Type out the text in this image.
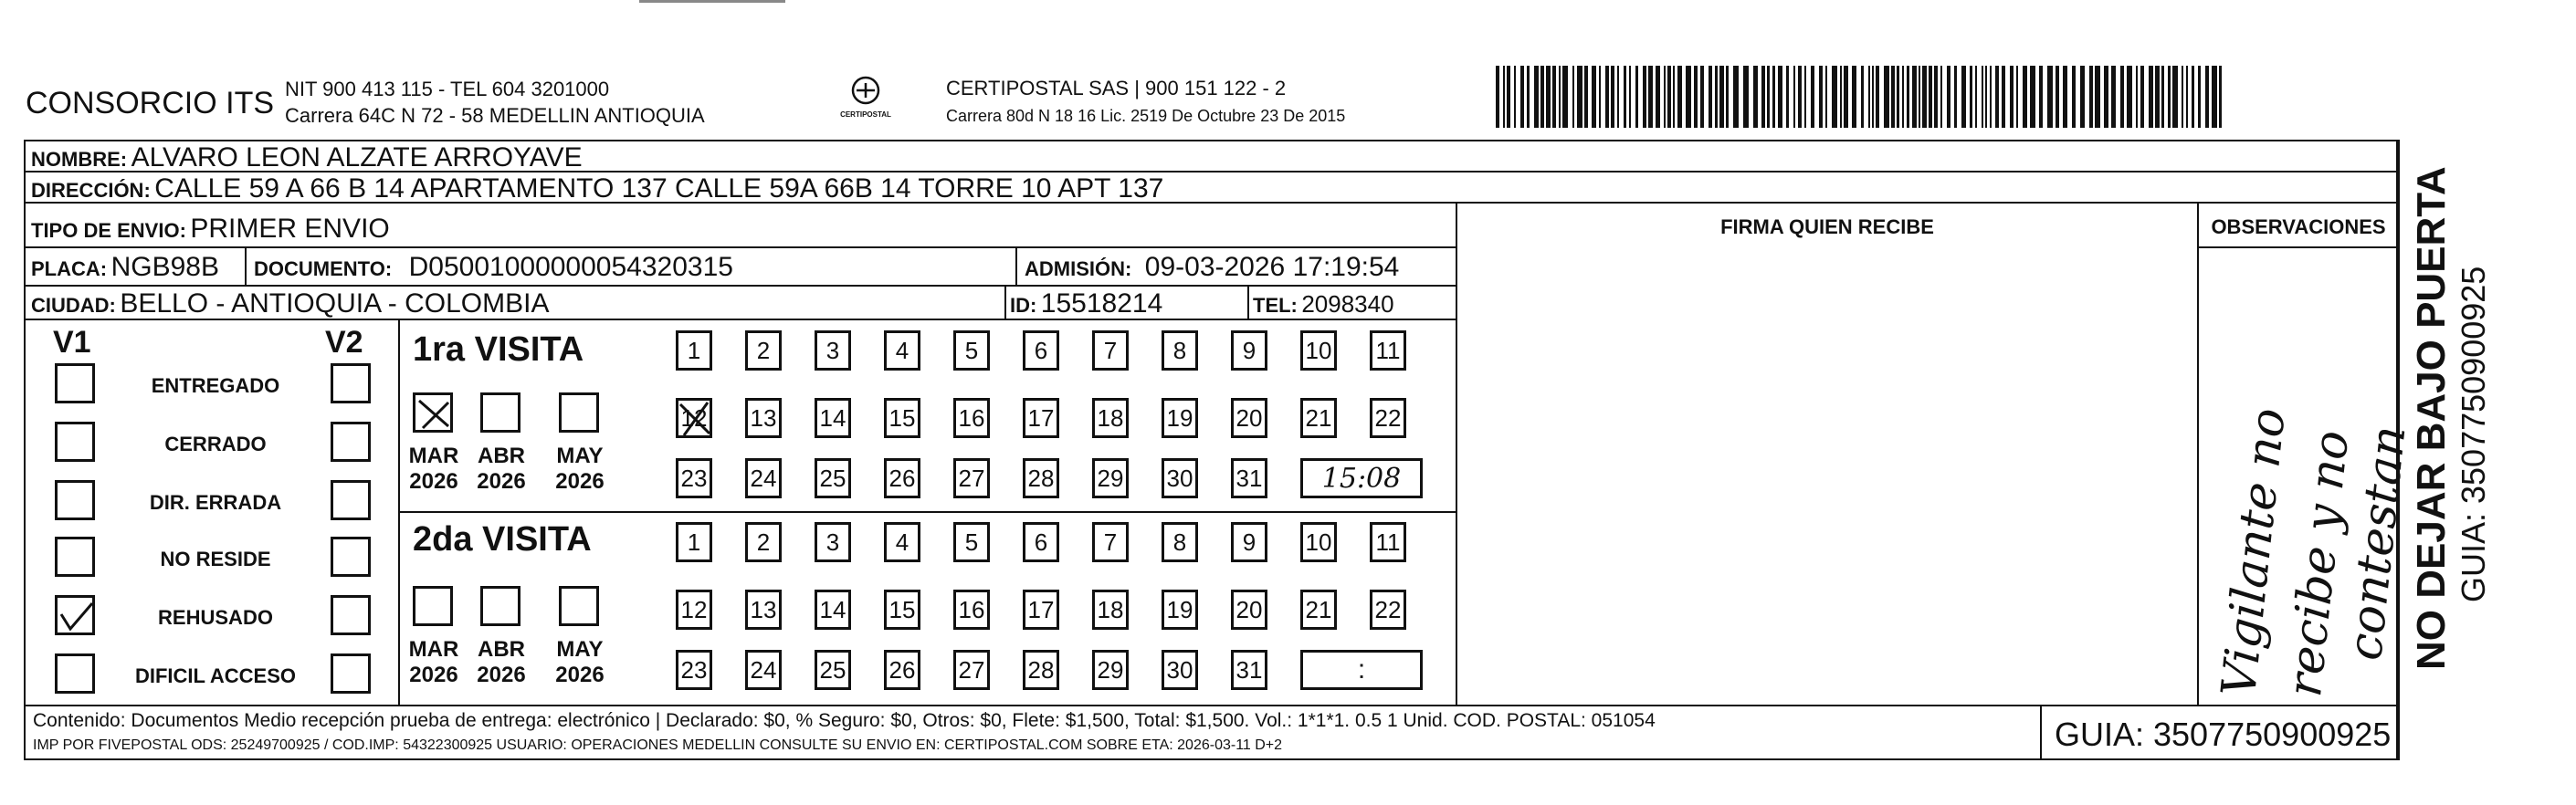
CONSORCIO ITS NIT 900 413 115 - TEL 604 3201000
Carrera 64C N 72 - 58 MEDELLIN ANTIOQUIA	CERTIPOSTAL
CERTIPOSTAL SAS | 900 151 122 - 2
Carrera 80d N 18 16 Lic. 2519 De Octubre 23 De 2015
NOMBRE: ALVARO LEON ALZATE ARROYAVE
DIRECCIÓN: CALLE 59 A 66 B 14 APARTAMENTO 137 CALLE 59A 66B 14 TORRE 10 APT 137
TIPO DE ENVIO: PRIMER ENVIO
PLACA: NGB98B DOCUMENTO: D05001000000054320315	ADMISIÓN: 09-03-2026 17:19:54
CIUDAD: BELLO - ANTIOQUIA - COLOMBIA	ID: 15518214	TEL: 2098340
FIRMA QUIEN RECIBE	OBSERVACIONES
V1	V2
ENTREGADO
CERRADO
DIR. ERRADA
NO RESIDE
REHUSADO
DIFICIL ACCESO
1ra VISITA
MAR
2026
ABR
2026
MAY
2026
1	2	3	4	5	6	7	8	9	10 11
12 13 14 15 16 17 18 19 20 21 22
23 24 25 26 27 28 29 30 31	15:08
2da VISITA
MAR
2026
ABR
2026
MAY
2026
1	2	3	4	5	6	7	8	9	10 11
12 13 14 15 16 17 18 19 20 21 22
23 24 25 26 27 28 29 30 31	:	Vigilante no
recibe y no
contestan
NO DEJAR BAJO PUERTA GUIA: 3507750900925
Contenido: Documentos Medio recepción prueba de entrega: electrónico | Declarado: $0, % Seguro: $0, Otros: $0, Flete: $1,500, Total: $1,500. Vol.: 1*1*1. 0.5 1 Unid. COD. POSTAL: 051054
IMP POR FIVEPOSTAL ODS: 25249700925 / COD.IMP: 54322300925 USUARIO: OPERACIONES MEDELLIN CONSULTE SU ENVIO EN: CERTIPOSTAL.COM SOBRE ETA: 2026-03-11 D+2	GUIA: 3507750900925
